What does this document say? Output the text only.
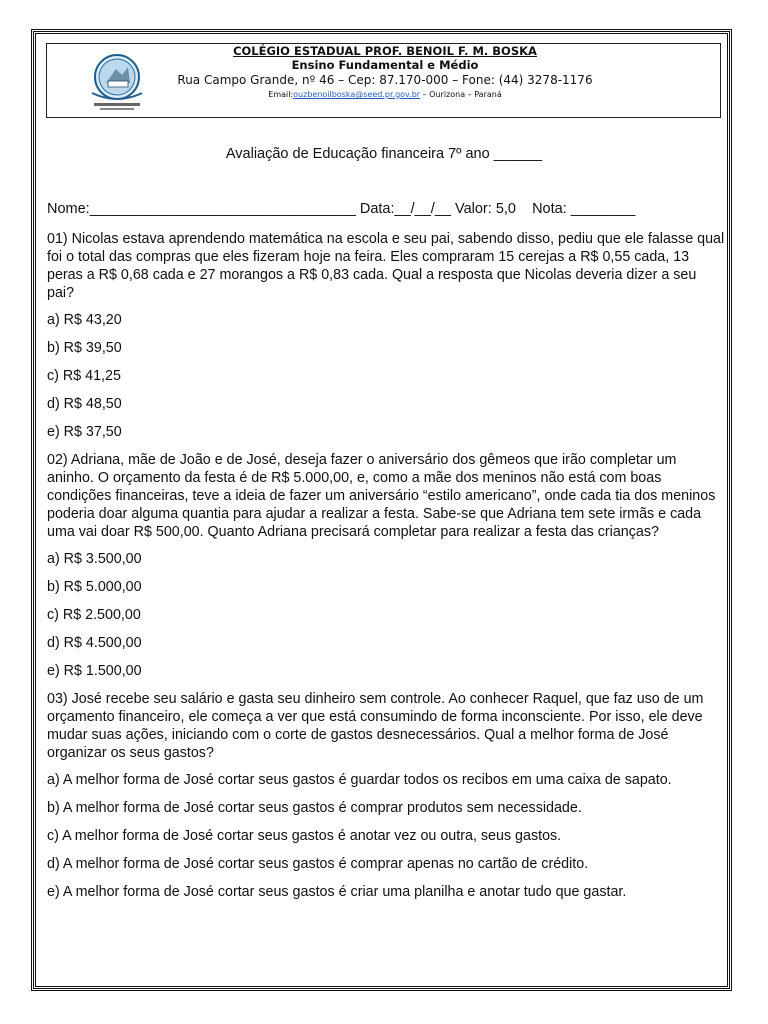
COLÉGIO ESTADUAL PROF. BENOIL F. M. BOSKA

Ensino Fundamental e Médio

Rua Campo Grande, nº 46 – Cep: 87.170-000 – Fone: (44) 3278-1176

Email:ouzbenoilboska@seed.pr.gov.br – Ourizona – Paraná

Avaliação de Educação financeira 7º ano ______
Nome:_________________________________ Data:__/__/__ Valor: 5,0    Nota: ________

01) Nicolas estava aprendendo matemática na escola e seu pai, sabendo disso, pediu que ele falasse qual foi o total das compras que eles fizeram hoje na feira. Eles compraram 15 cerejas a R$ 0,55 cada, 13 peras a R$ 0,68 cada e 27 morangos a R$ 0,83 cada. Qual a resposta que Nicolas deveria dizer a seu pai?

a) R$ 43,20

b) R$ 39,50

c) R$ 41,25

d) R$ 48,50

e) R$ 37,50

02) Adriana, mãe de João e de José, deseja fazer o aniversário dos gêmeos que irão completar um aninho. O orçamento da festa é de R$ 5.000,00, e, como a mãe dos meninos não está com boas condições financeiras, teve a ideia de fazer um aniversário “estilo americano”, onde cada tia dos meninos poderia doar alguma quantia para ajudar a realizar a festa. Sabe-se que Adriana tem sete irmãs e cada uma vai doar R$ 500,00. Quanto Adriana precisará completar para realizar a festa das crianças?

a) R$ 3.500,00

b) R$ 5.000,00

c) R$ 2.500,00

d) R$ 4.500,00

e) R$ 1.500,00

03) José recebe seu salário e gasta seu dinheiro sem controle. Ao conhecer Raquel, que faz uso de um orçamento financeiro, ele começa a ver que está consumindo de forma inconsciente. Por isso, ele deve mudar suas ações, iniciando com o corte de gastos desnecessários. Qual a melhor forma de José organizar os seus gastos?

a) A melhor forma de José cortar seus gastos é guardar todos os recibos em uma caixa de sapato.

b) A melhor forma de José cortar seus gastos é comprar produtos sem necessidade.

c) A melhor forma de José cortar seus gastos é anotar vez ou outra, seus gastos.

d) A melhor forma de José cortar seus gastos é comprar apenas no cartão de crédito.

e) A melhor forma de José cortar seus gastos é criar uma planilha e anotar tudo que gastar.
